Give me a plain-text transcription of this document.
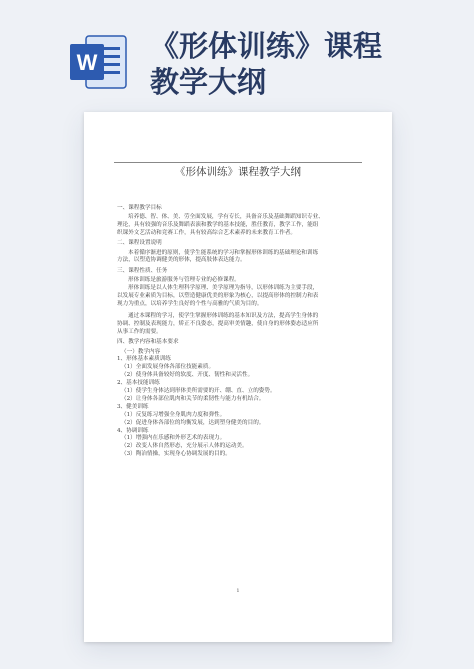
W 《形体训练》课程
教学大纲
《形体训练》课程教学大纲
一、课程教学目标
培养德、智、体、美、劳全面发展，学有专长，具备音乐及基础舞蹈知识专业、
理论，具有较强的音乐及舞蹈表演和教学的基本技能，胜任教育，教学工作，能组
织课外文艺活动和竞赛工作，具有较高综合艺术素养的未来教育工作者。
二、课程设置说明
本着循序渐进的原则，使学生能系统的学习和掌握形体训练的基础理论和训练
方法，以塑造协调健美的形体，提高肢体表达能力。
三、课程性质、任务
形体训练是旅游服务与管理专业的必修课程。
形体训练是以人体生理科学原理、美学原理为指导，以形体训练为主要手段，
以发展专业素质为目标，以塑造健康优美的形象为核心，以提高形体的控制力和表
现力为重点，以培养学生良好的个性与高雅的气质为目的。
通过本课程的学习，使学生掌握形体训练的基本知识及方法，提高学生身体的
协调、控制及表现能力，矫正不良姿态，提高审美情趣，使自身的形体姿态适应所
从事工作的需要。
四、教学内容和基本要求
（一）教学内容
1、形体基本素质训练
（1）全面发展身体各部位技能素质。
（2）使身体具备较好的软度、开度、韧性和灵活性。
2、基本技能训练
（1）使学生身体达到形体美所需要的开、绷、直、立的姿势。
（2）让身体各部位肌肉和关节的柔韧性与能力有机结合。
3、健美训练
（1）反复练习增强全身肌肉力度和弹性。
（2）促进身体各部位的均衡发展，达到塑身健美的目的。
4、协调训练
（1）增强内在乐感和外形艺术的表现力。
（2）改变人体自然形态，充分展示人体的运动美。
（3）陶冶情操，实现身心协调发展的目的。
1
